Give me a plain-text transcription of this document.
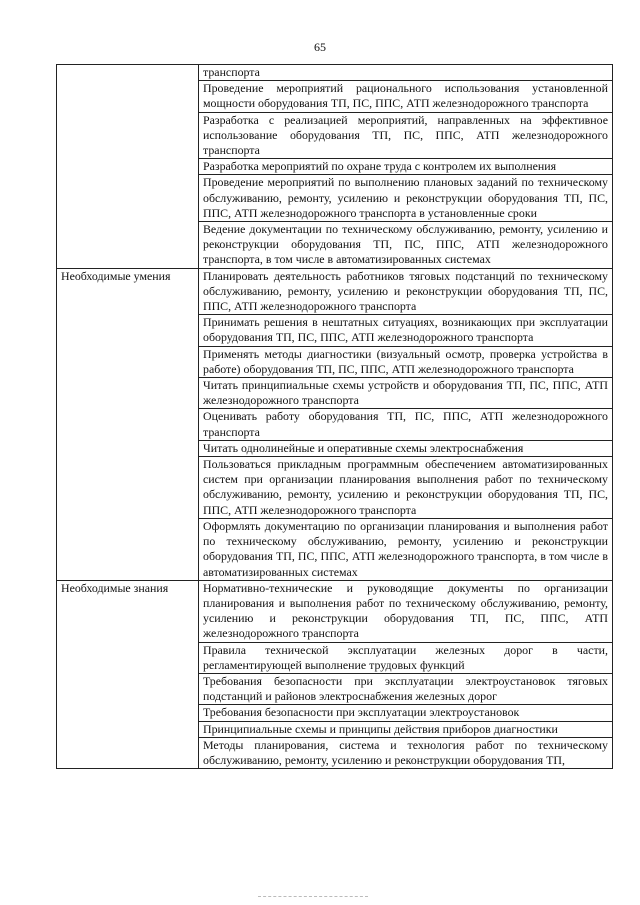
65
	транспорта
	Проведение мероприятий рационального использования установленной мощности оборудования ТП, ПС, ППС, АТП железнодорожного транспорта
	Разработка с реализацией мероприятий, направленных на эффективное использование оборудования ТП, ПС, ППС, АТП железнодорожного транспорта
	Разработка мероприятий по охране труда с контролем их выполнения
	Проведение мероприятий по выполнению плановых заданий по техническому обслуживанию, ремонту, усилению и реконструкции оборудования ТП, ПС, ППС, АТП железнодорожного транспорта в установленные сроки
	Ведение документации по техническому обслуживанию, ремонту, усилению и реконструкции оборудования ТП, ПС, ППС, АТП железнодорожного транспорта, в том числе в автоматизированных системах
Необходимые умения	Планировать деятельность работников тяговых подстанций по техническому обслуживанию, ремонту, усилению и реконструкции оборудования ТП, ПС, ППС, АТП железнодорожного транспорта
	Принимать решения в нештатных ситуациях, возникающих при эксплуатации оборудования ТП, ПС, ППС, АТП железнодорожного транспорта
	Применять методы диагностики (визуальный осмотр, проверка устройства в работе) оборудования ТП, ПС, ППС, АТП железнодорожного транспорта
	Читать принципиальные схемы устройств и оборудования ТП, ПС, ППС, АТП железнодорожного транспорта
	Оценивать работу оборудования ТП, ПС, ППС, АТП железнодорожного транспорта
	Читать однолинейные и оперативные схемы электроснабжения
	Пользоваться прикладным программным обеспечением автоматизированных систем при организации планирования выполнения работ по техническому обслуживанию, ремонту, усилению и реконструкции оборудования ТП, ПС, ППС, АТП железнодорожного транспорта
	Оформлять документацию по организации планирования и выполнения работ по техническому обслуживанию, ремонту, усилению и реконструкции оборудования ТП, ПС, ППС, АТП железнодорожного транспорта, в том числе в автоматизированных системах
Необходимые знания	Нормативно-технические и руководящие документы по организации планирования и выполнения работ по техническому обслуживанию, ремонту, усилению и реконструкции оборудования ТП, ПС, ППС, АТП железнодорожного транспорта
	Правила технической эксплуатации железных дорог в части, регламентирующей выполнение трудовых функций
	Требования безопасности при эксплуатации электроустановок тяговых подстанций и районов электроснабжения железных дорог
	Требования безопасности при эксплуатации электроустановок
	Принципиальные схемы и принципы действия приборов диагностики
	Методы планирования, система и технология работ по техническому обслуживанию, ремонту, усилению и реконструкции оборудования ТП,
